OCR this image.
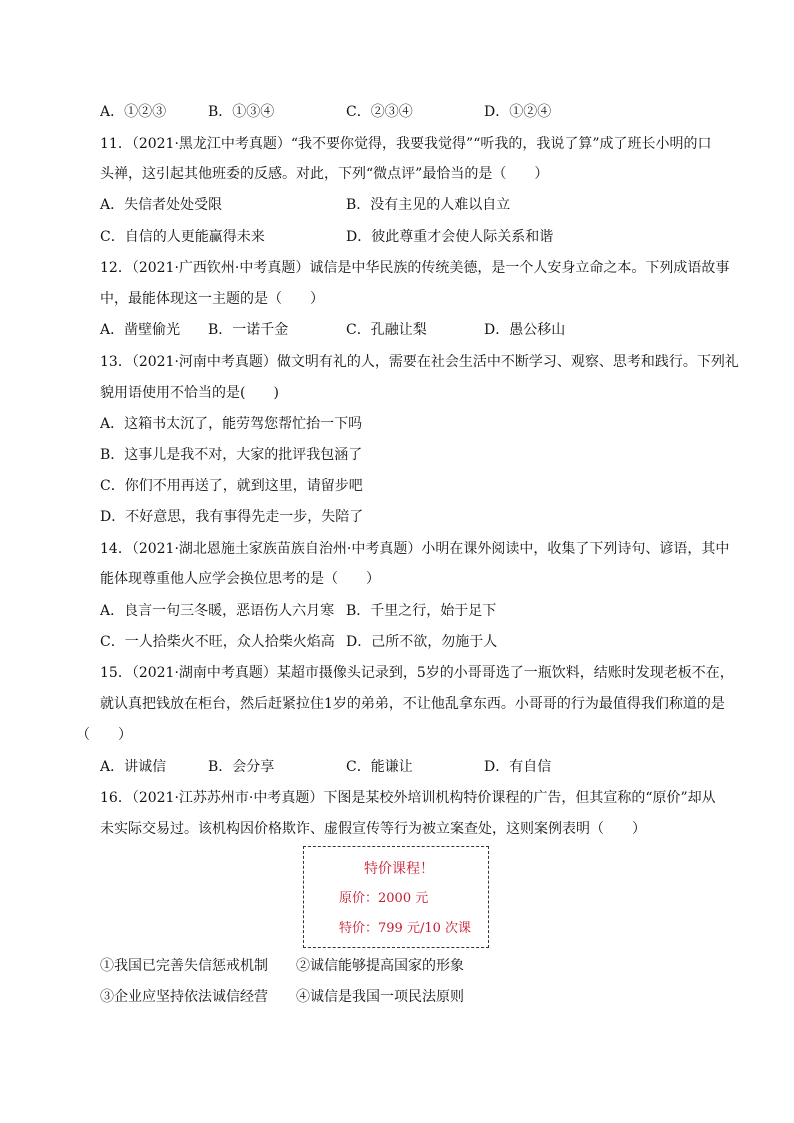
A．①②③	B．①③④	C．②③④	D．①②④
11．（2021·黑龙江中考真题）“我不要你觉得，我要我觉得”“听我的，我说了算”成了班长小明的口
头禅，这引起其他班委的反感。对此，下列“微点评”最恰当的是（　　）
A．失信者处处受限	B．没有主见的人难以自立
C．自信的人更能赢得未来	D．彼此尊重才会使人际关系和谐
12．（2021·广西钦州·中考真题）诚信是中华民族的传统美德，是一个人安身立命之本。下列成语故事
中，最能体现这一主题的是（　　）
A．凿壁偷光 B．一诺千金	C．孔融让梨	D．愚公移山
13．（2021·河南中考真题）做文明有礼的人，需要在社会生活中不断学习、观察、思考和践行。下列礼
貌用语使用不恰当的是(　　)
A．这箱书太沉了，能劳驾您帮忙抬一下吗
B．这事儿是我不对，大家的批评我包涵了
C．你们不用再送了，就到这里，请留步吧
D．不好意思，我有事得先走一步，失陪了
14．（2021·湖北恩施土家族苗族自治州·中考真题）小明在课外阅读中，收集了下列诗句、谚语，其中
能体现尊重他人应学会换位思考的是（　　）
A．良言一句三冬暖，恶语伤人六月寒 B．千里之行，始于足下
C．一人拾柴火不旺，众人拾柴火焰高 D．己所不欲，勿施于人
15．（2021·湖南中考真题）某超市摄像头记录到，5岁的小哥哥选了一瓶饮料，结账时发现老板不在，
就认真把钱放在柜台，然后赶紧拉住1岁的弟弟，不让他乱拿东西。小哥哥的行为最值得我们称道的是
（　　）
A．讲诚信	B．会分享	C．能谦让	D．有自信
16．（2021·江苏苏州市·中考真题）下图是某校外培训机构特价课程的广告，但其宣称的“原价”却从
未实际交易过。该机构因价格欺诈、虚假宣传等行为被立案查处，这则案例表明（　　）
特价课程！
原价：2000 元
特价：799 元/10 次课
①我国已完善失信惩戒机制 ②诚信能够提高国家的形象
③企业应坚持依法诚信经营 ④诚信是我国一项民法原则
